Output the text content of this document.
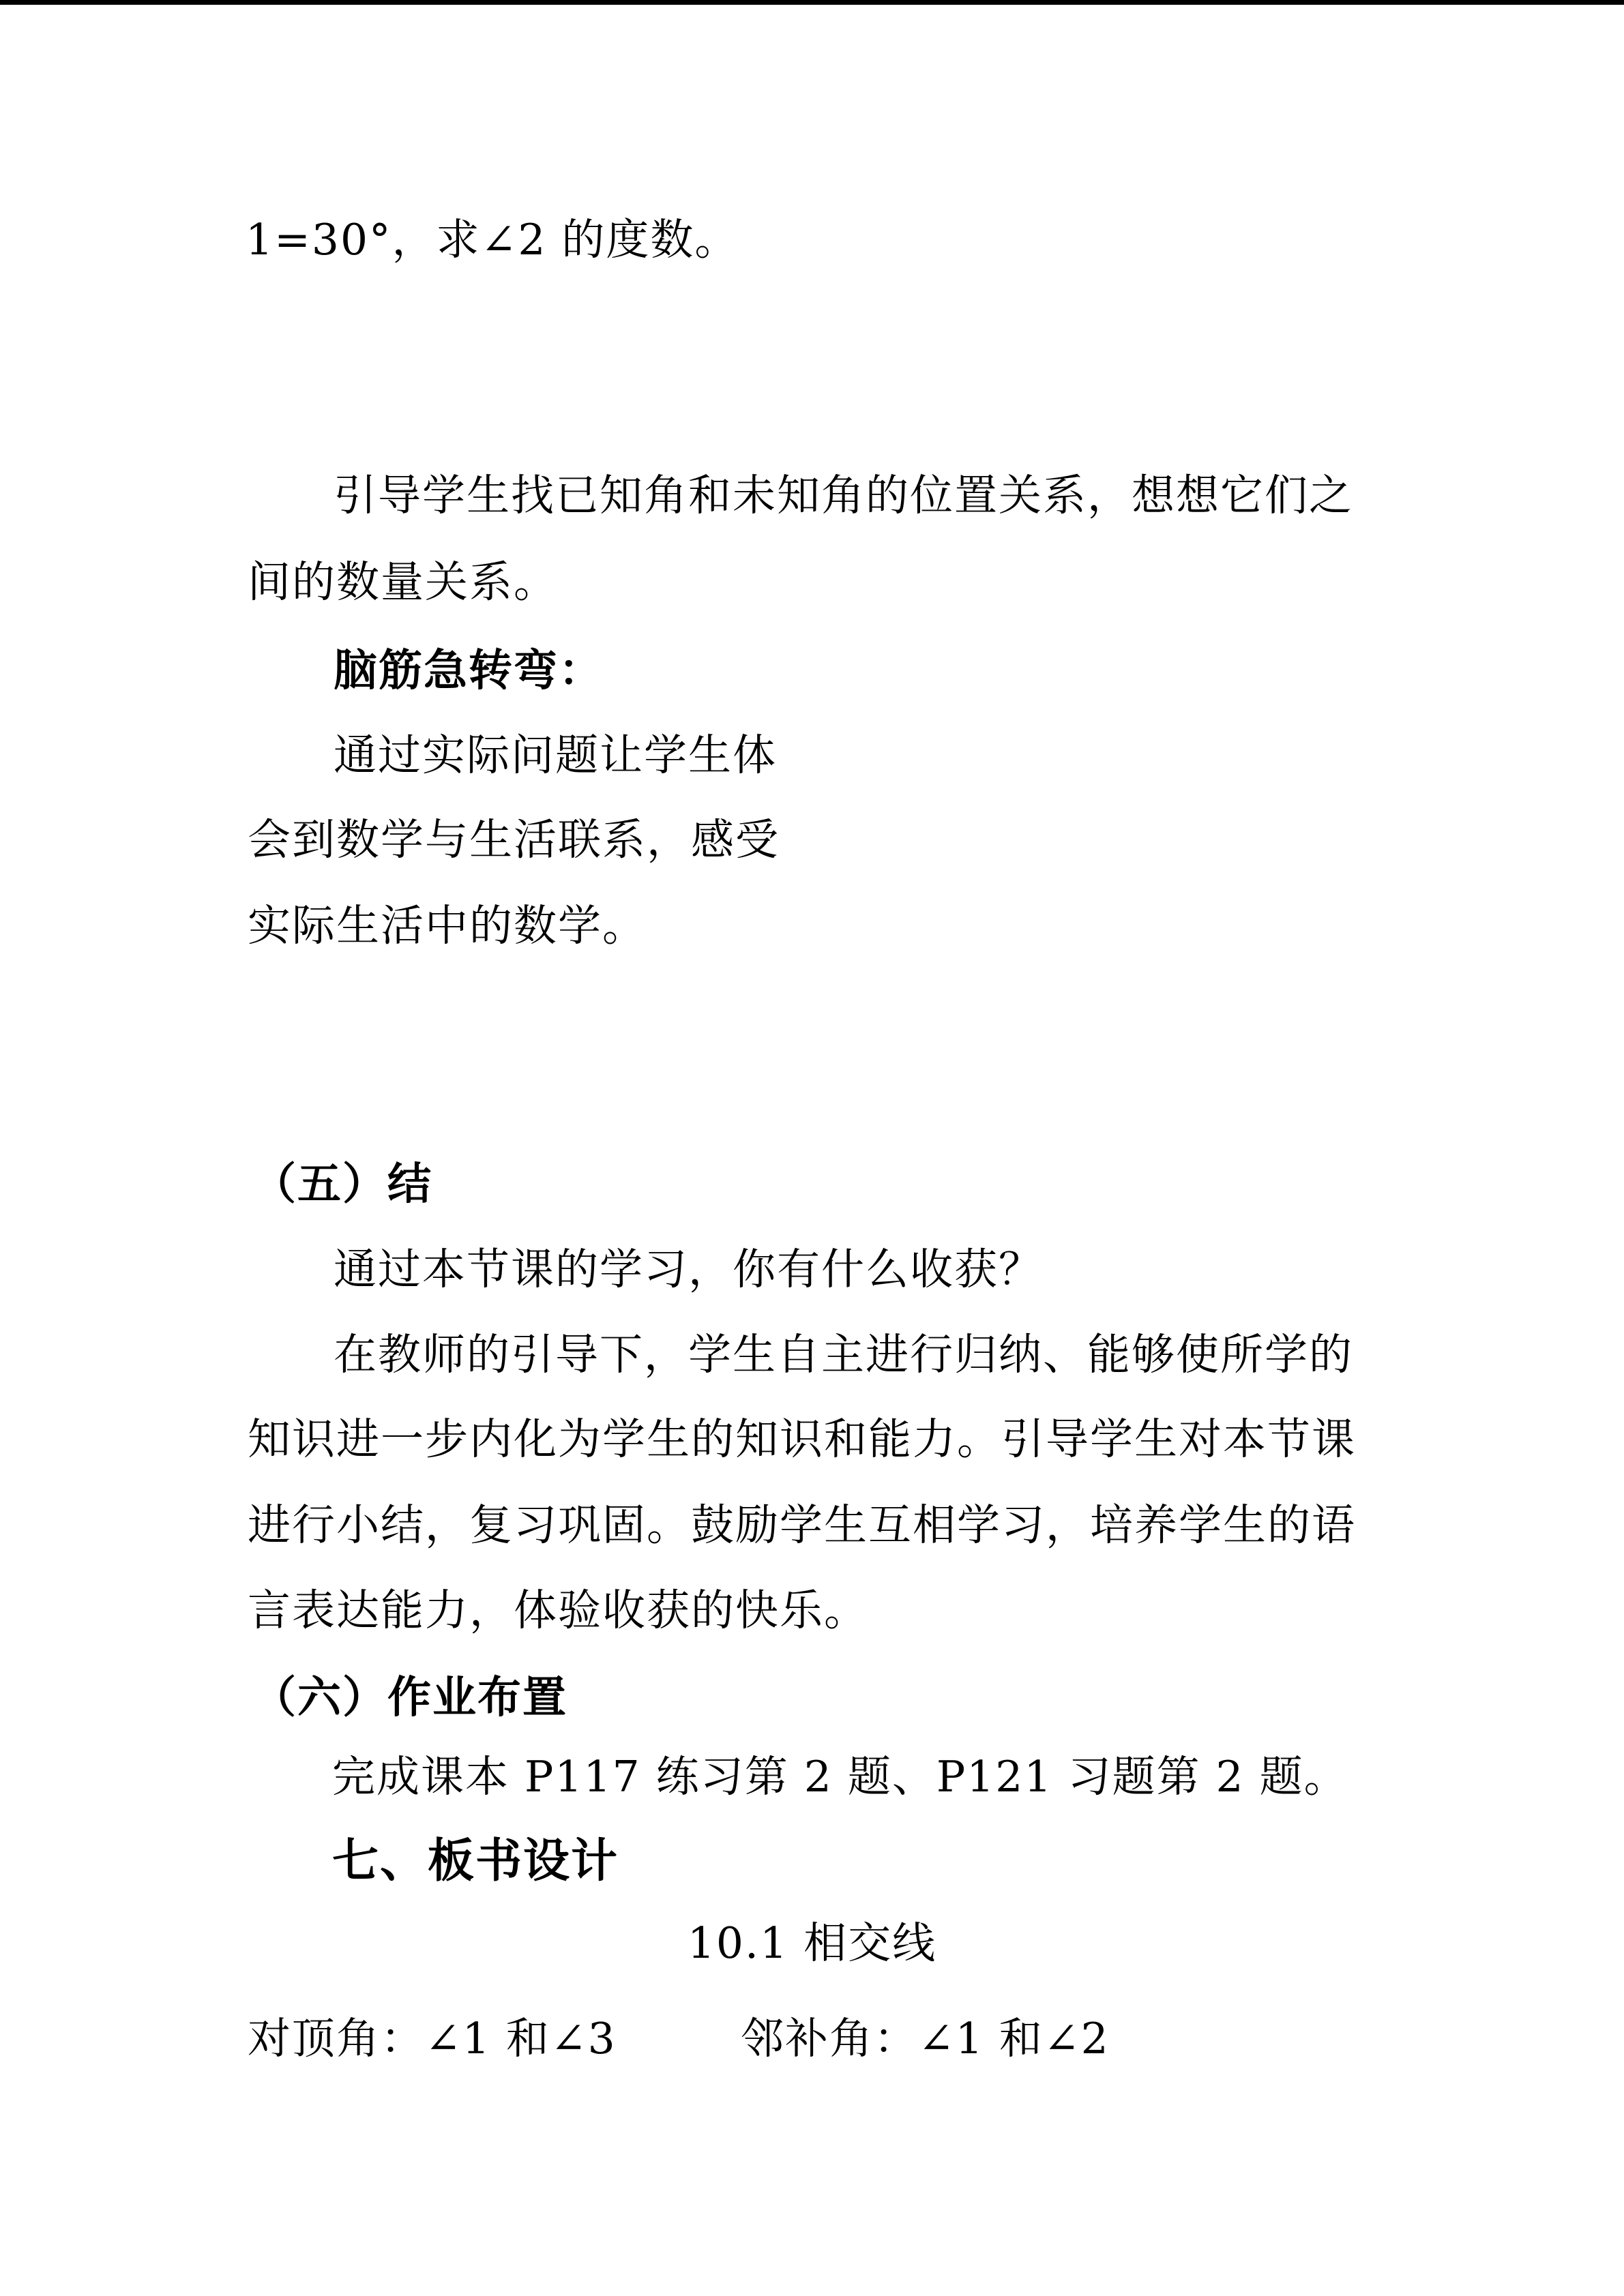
1=30°，求∠2 的度数。
引导学生找已知角和未知角的位置关系，想想它们之
间的数量关系。
脑筋急转弯：
通过实际问题让学生体
会到数学与生活联系，感受
实际生活中的数学。
（五）结
通过本节课的学习，你有什么收获？
在教师的引导下，学生自主进行归纳、能够使所学的
知识进一步内化为学生的知识和能力。引导学生对本节课
进行小结，复习巩固。鼓励学生互相学习，培养学生的语
言表达能力，体验收获的快乐。
（六）作业布置
完成课本 P117 练习第 2 题、P121 习题第 2 题。
七、板书设计
10.1 相交线
对顶角：∠1 和∠3	邻补角：∠1 和∠2
